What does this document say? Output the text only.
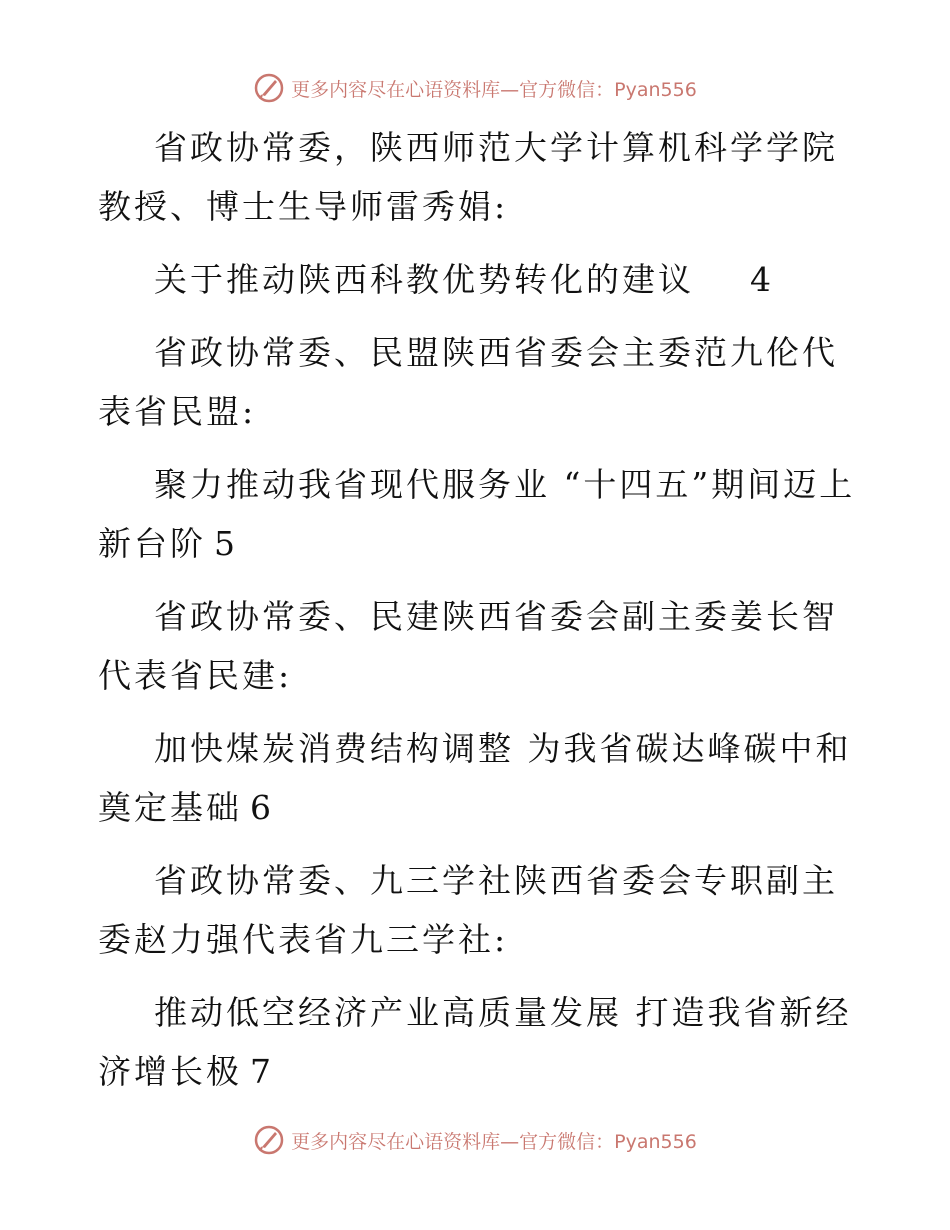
更多内容尽在心语资料库—官方微信：Pyan556

省政协常委，陕西师范大学计算机科学学院教授、博士生导师雷秀娟:

关于推动陕西科教优势转化的建议 4

省政协常委、民盟陕西省委会主委范九伦代表省民盟:

聚力推动我省现代服务业 “十四五”期间迈上新台阶 5

省政协常委、民建陕西省委会副主委姜长智代表省民建:

加快煤炭消费结构调整 为我省碳达峰碳中和奠定基础 6

省政协常委、九三学社陕西省委会专职副主委赵力强代表省九三学社:

推动低空经济产业高质量发展 打造我省新经济增长极 7

更多内容尽在心语资料库—官方微信：Pyan556
